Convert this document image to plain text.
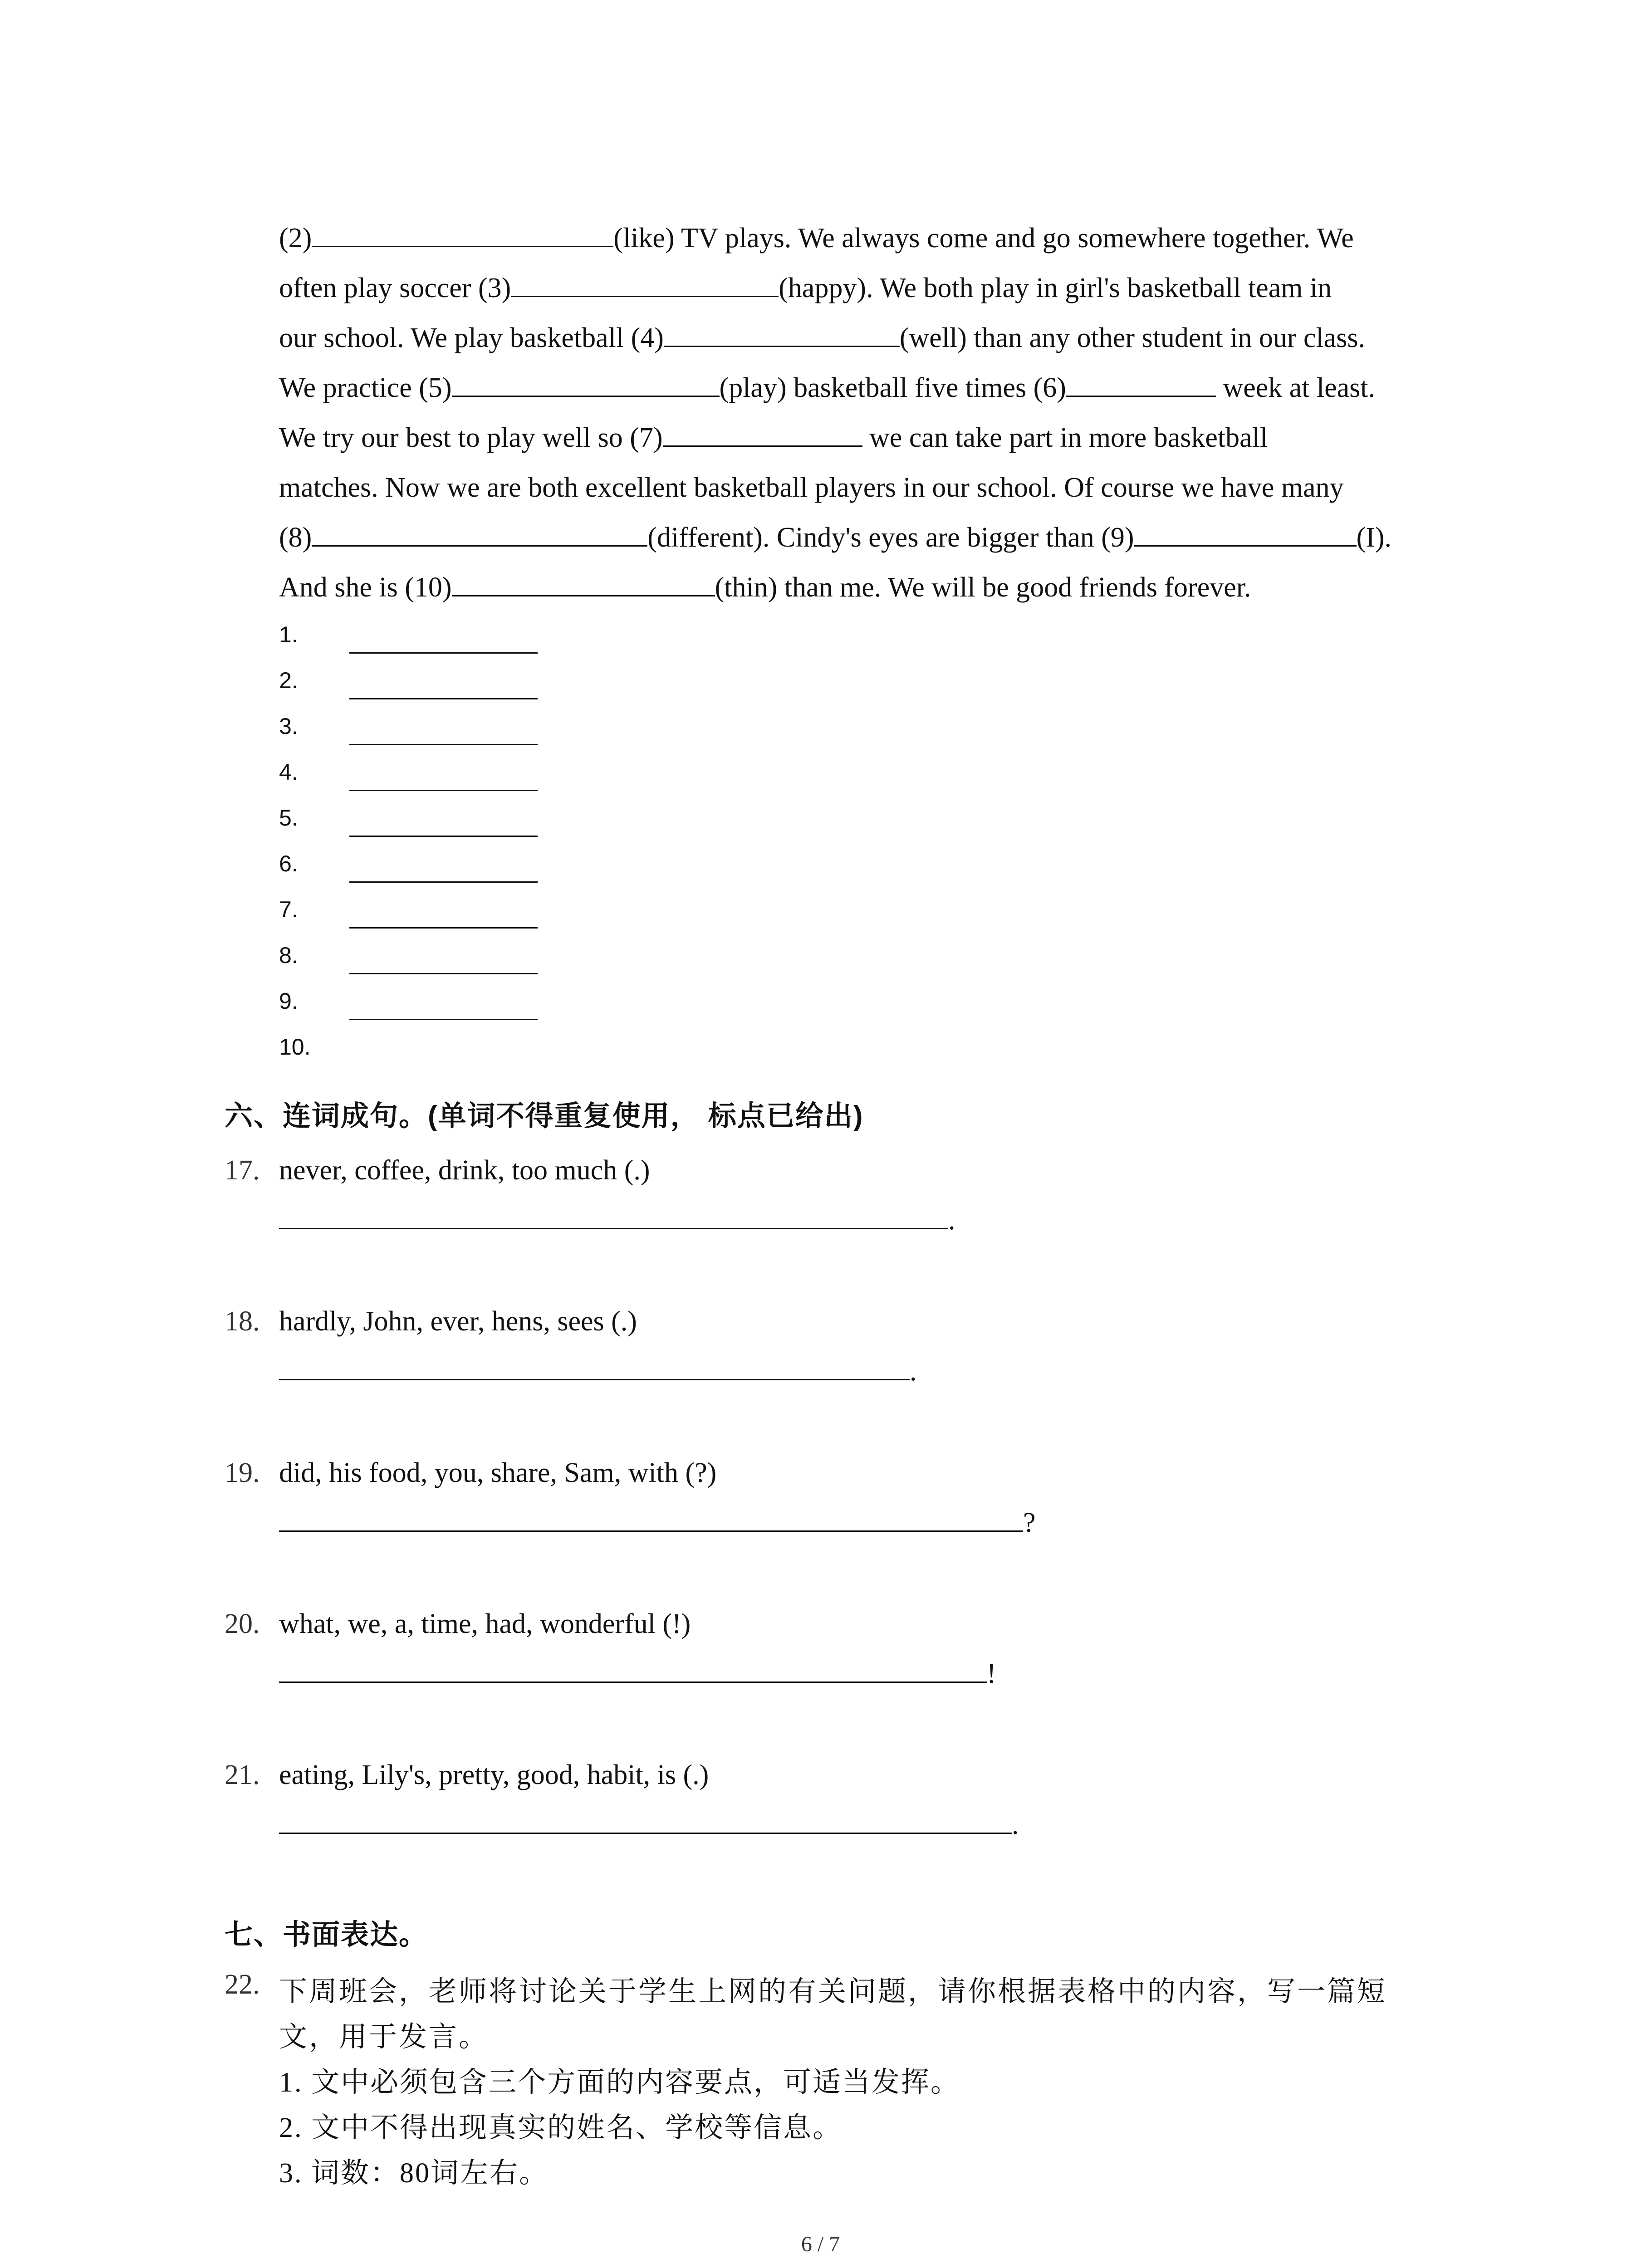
(2)	(like) TV plays. We always come and go somewhere together. We
often play soccer (3)	(happy). We both play in girl's basketball team in
our school. We play basketball (4)	(well) than any other student in our class.
We practice (5)	(play) basketball five times (6)	week at least.
We try our best to play well so (7)	we can take part in more basketball
matches. Now we are both excellent basketball players in our school. Of course we have many
(8)	(different). Cindy's eyes are bigger than (9)	(I).
And she is (10)	(thin) than me. We will be good friends forever.
1.
2.
3.
4.
5.
6.
7.
8.
9.
10.
六、连词成句。(单词不得重复使用， 标点已给出)
17. never, coffee, drink, too much (.)
.
18. hardly, John, ever, hens, sees (.)
.
19. did, his food, you, share, Sam, with (?)
?
20. what, we, a, time, had, wonderful (!)
!
21. eating, Lily's, pretty, good, habit, is (.)
.
七、书面表达。
22. 下周班会，老师将讨论关于学生上网的有关问题，请你根据表格中的内容，写一篇短
文，用于发言。
1. 文中必须包含三个方面的内容要点，可适当发挥。
2. 文中不得出现真实的姓名、学校等信息。
3. 词数：80词左右。
6 / 7
